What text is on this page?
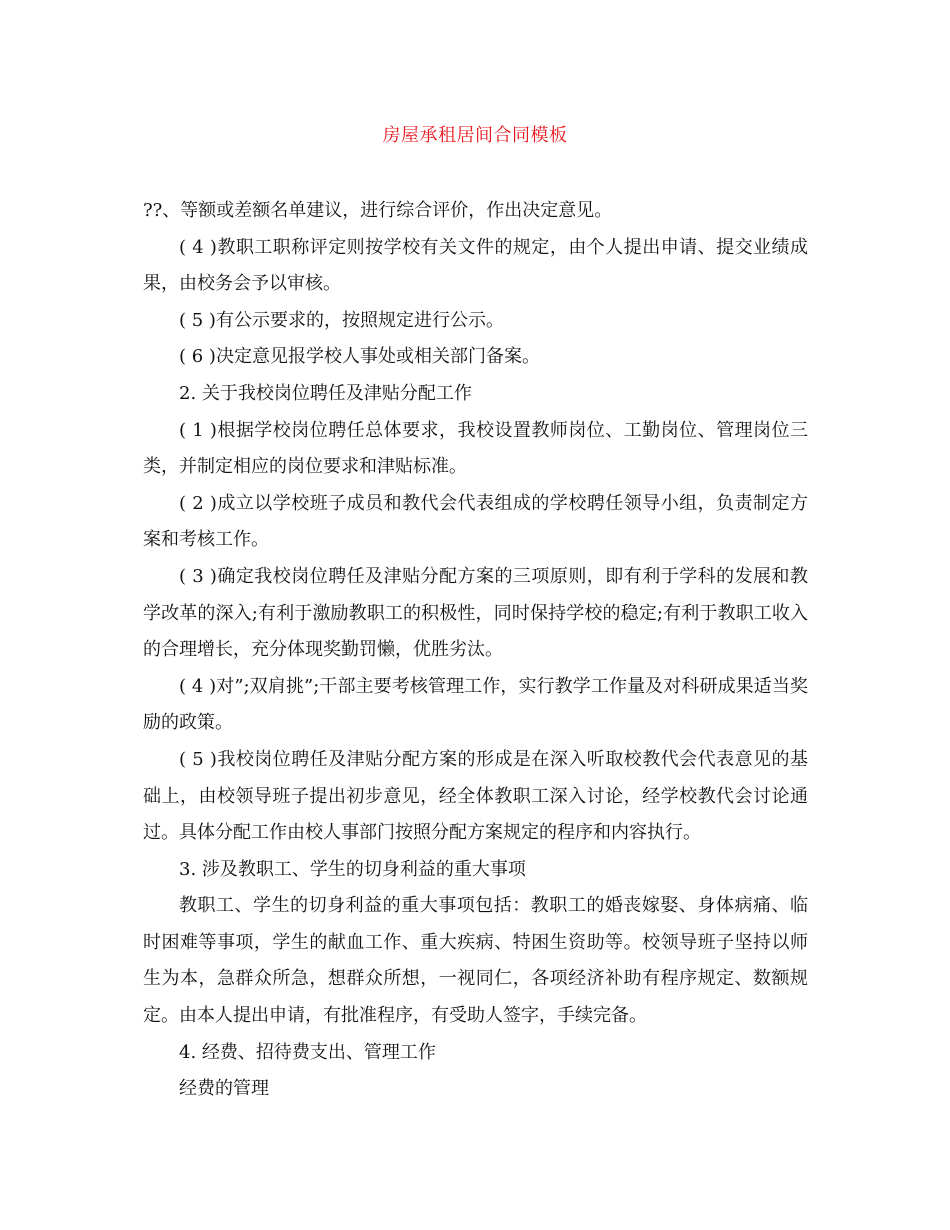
房屋承租居间合同模板

??、等额或差额名单建议，进行综合评价，作出决定意见。

( 4 )教职工职称评定则按学校有关文件的规定，由个人提出申请、提交业绩成果，由校务会予以审核。

( 5 )有公示要求的，按照规定进行公示。

( 6 )决定意见报学校人事处或相关部门备案。

2. 关于我校岗位聘任及津贴分配工作

( 1 )根据学校岗位聘任总体要求，我校设置教师岗位、工勤岗位、管理岗位三类，并制定相应的岗位要求和津贴标准。

( 2 )成立以学校班子成员和教代会代表组成的学校聘任领导小组，负责制定方案和考核工作。

( 3 )确定我校岗位聘任及津贴分配方案的三项原则，即有利于学科的发展和教学改革的深入;有利于激励教职工的积极性，同时保持学校的稳定;有利于教职工收入的合理增长，充分体现奖勤罚懒，优胜劣汰。

( 4 )对”;双肩挑”;干部主要考核管理工作，实行教学工作量及对科研成果适当奖励的政策。

( 5 )我校岗位聘任及津贴分配方案的形成是在深入听取校教代会代表意见的基础上，由校领导班子提出初步意见，经全体教职工深入讨论，经学校教代会讨论通过。具体分配工作由校人事部门按照分配方案规定的程序和内容执行。

3. 涉及教职工、学生的切身利益的重大事项

教职工、学生的切身利益的重大事项包括：教职工的婚丧嫁娶、身体病痛、临时困难等事项，学生的献血工作、重大疾病、特困生资助等。校领导班子坚持以师生为本，急群众所急，想群众所想，一视同仁，各项经济补助有程序规定、数额规定。由本人提出申请，有批准程序，有受助人签字，手续完备。

4. 经费、招待费支出、管理工作

经费的管理
